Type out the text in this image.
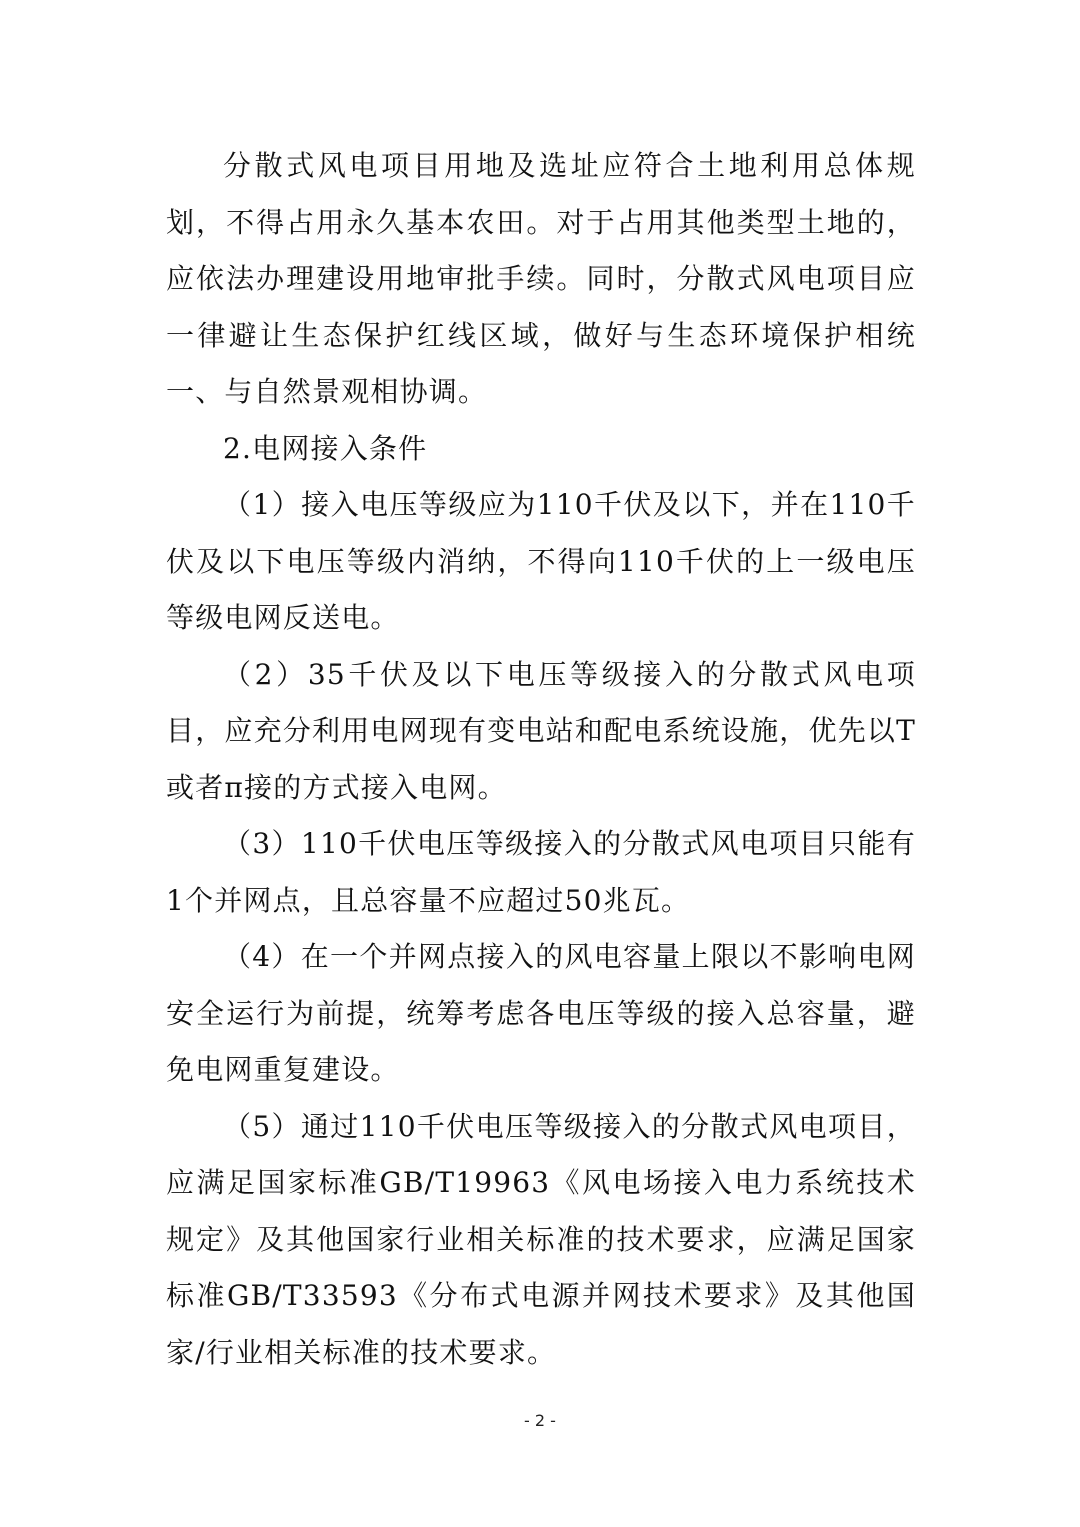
分散式风电项目用地及选址应符合土地利用总体规划，不得占用永久基本农田。对于占用其他类型土地的，应依法办理建设用地审批手续。同时，分散式风电项目应一律避让生态保护红线区域，做好与生态环境保护相统一、与自然景观相协调。

2.电网接入条件

（1）接入电压等级应为110千伏及以下，并在110千伏及以下电压等级内消纳，不得向110千伏的上一级电压等级电网反送电。

（2）35千伏及以下电压等级接入的分散式风电项目，应充分利用电网现有变电站和配电系统设施，优先以T或者π接的方式接入电网。

（3）110千伏电压等级接入的分散式风电项目只能有1个并网点，且总容量不应超过50兆瓦。

（4）在一个并网点接入的风电容量上限以不影响电网安全运行为前提，统筹考虑各电压等级的接入总容量，避免电网重复建设。

（5）通过110千伏电压等级接入的分散式风电项目，应满足国家标准GB/T19963《风电场接入电力系统技术规定》及其他国家行业相关标准的技术要求，应满足国家标准GB/T33593《分布式电源并网技术要求》及其他国家/行业相关标准的技术要求。

- 2 -
